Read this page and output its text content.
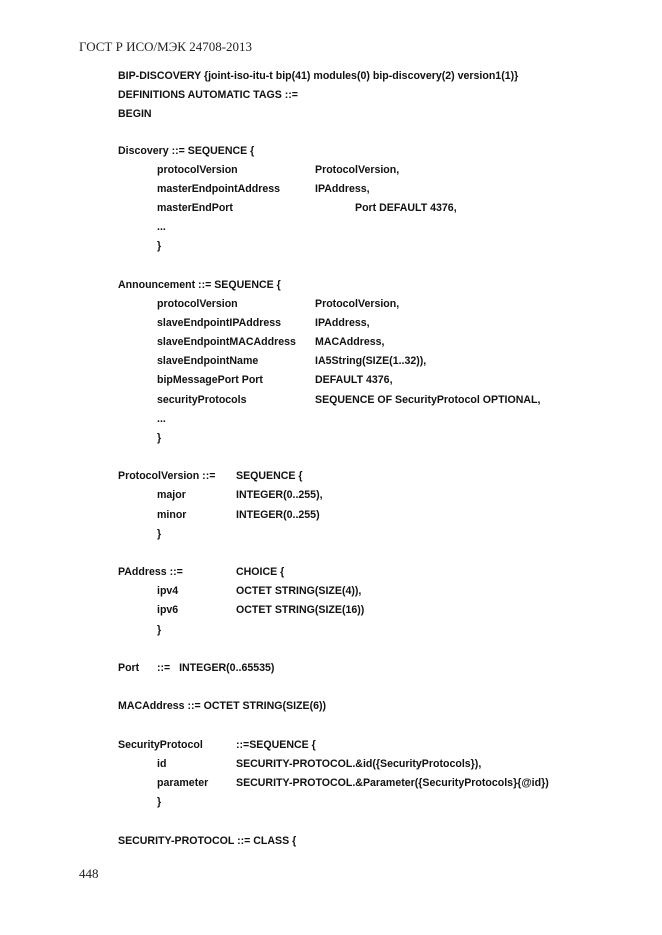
ГОСТ Р ИСО/МЭК 24708-2013
BIP-DISCOVERY {joint-iso-itu-t bip(41) modules(0) bip-discovery(2) version1(1)}
DEFINITIONS AUTOMATIC TAGS ::=
BEGIN
Discovery ::= SEQUENCE {
protocolVersion	ProtocolVersion,
masterEndpointAddress	IPAddress,
masterEndPort	Port DEFAULT 4376,
...
}
Announcement ::= SEQUENCE {
protocolVersion	ProtocolVersion,
slaveEndpointIPAddress	IPAddress,
slaveEndpointMACAddress MACAddress,
slaveEndpointName	IA5String(SIZE(1..32)),
bipMessagePort Port	DEFAULT 4376,
securityProtocols	SEQUENCE OF SecurityProtocol OPTIONAL,
...
}
ProtocolVersion ::= SEQUENCE {
major	INTEGER(0..255),
minor	INTEGER(0..255)
}
PAddress ::=	CHOICE {
ipv4	OCTET STRING(SIZE(4)),
ipv6	OCTET STRING(SIZE(16))
}
Port ::=   INTEGER(0..65535)
MACAddress ::= OCTET STRING(SIZE(6))
SecurityProtocol	::=SEQUENCE {
id	SECURITY-PROTOCOL.&id({SecurityProtocols}),
parameter	SECURITY-PROTOCOL.&Parameter({SecurityProtocols}{@id})
}
SECURITY-PROTOCOL ::= CLASS {
448
